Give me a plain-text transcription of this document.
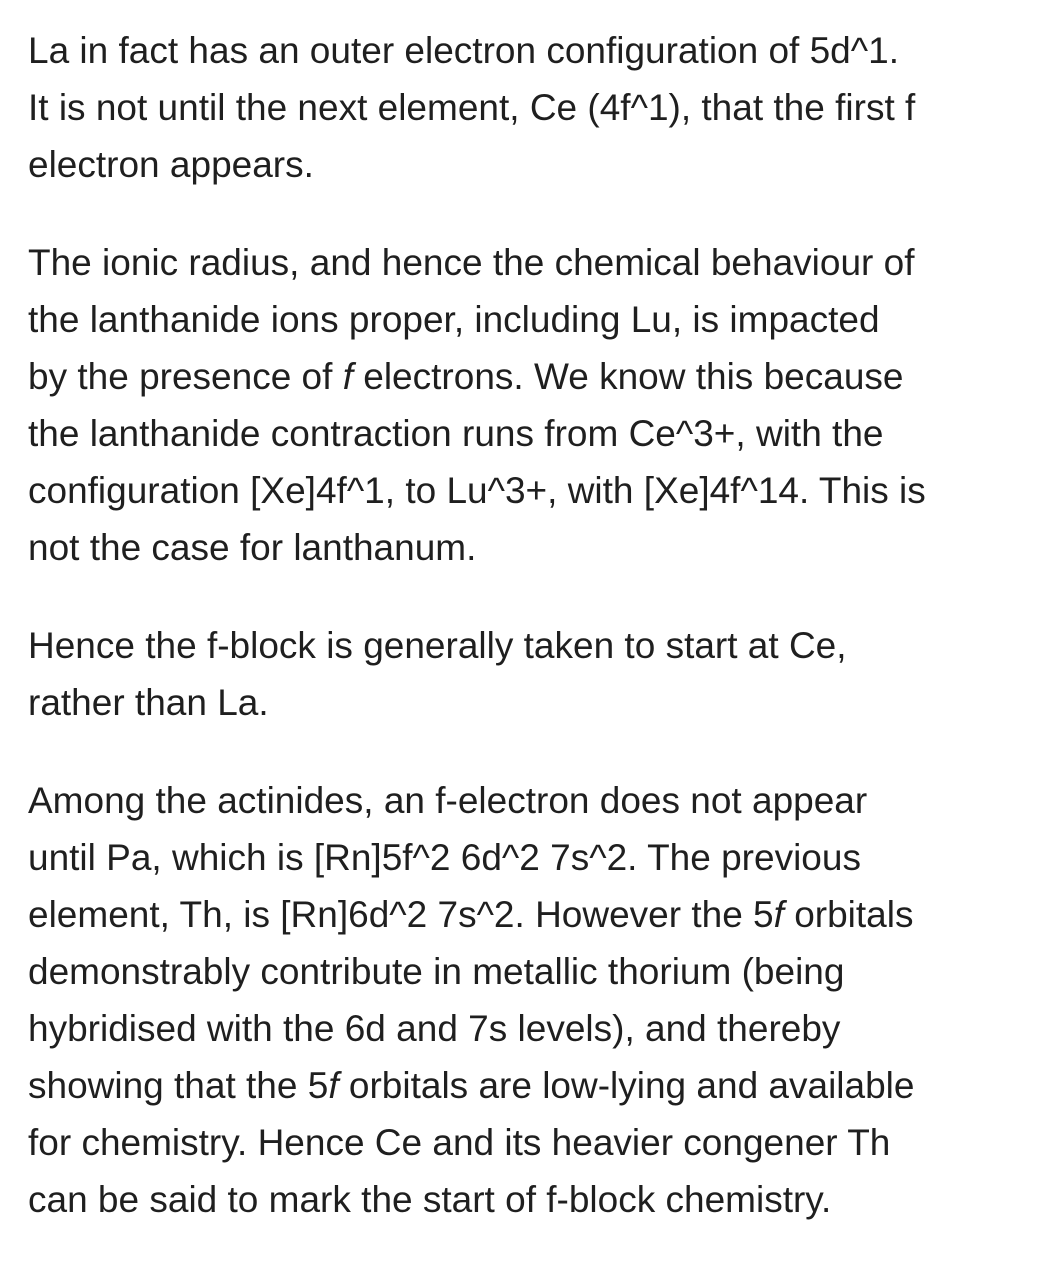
La in fact has an outer electron configuration of 5d^1.
It is not until the next element, Ce (4f^1), that the first f
electron appears.

The ionic radius, and hence the chemical behaviour of
the lanthanide ions proper, including Lu, is impacted
by the presence of f electrons. We know this because
the lanthanide contraction runs from Ce^3+, with the
configuration [Xe]4f^1, to Lu^3+, with [Xe]4f^14. This is
not the case for lanthanum.

Hence the f-block is generally taken to start at Ce,
rather than La.

Among the actinides, an f-electron does not appear
until Pa, which is [Rn]5f^2 6d^2 7s^2. The previous
element, Th, is [Rn]6d^2 7s^2. However the 5f orbitals
demonstrably contribute in metallic thorium (being
hybridised with the 6d and 7s levels), and thereby
showing that the 5f orbitals are low-lying and available
for chemistry. Hence Ce and its heavier congener Th
can be said to mark the start of f-block chemistry.
